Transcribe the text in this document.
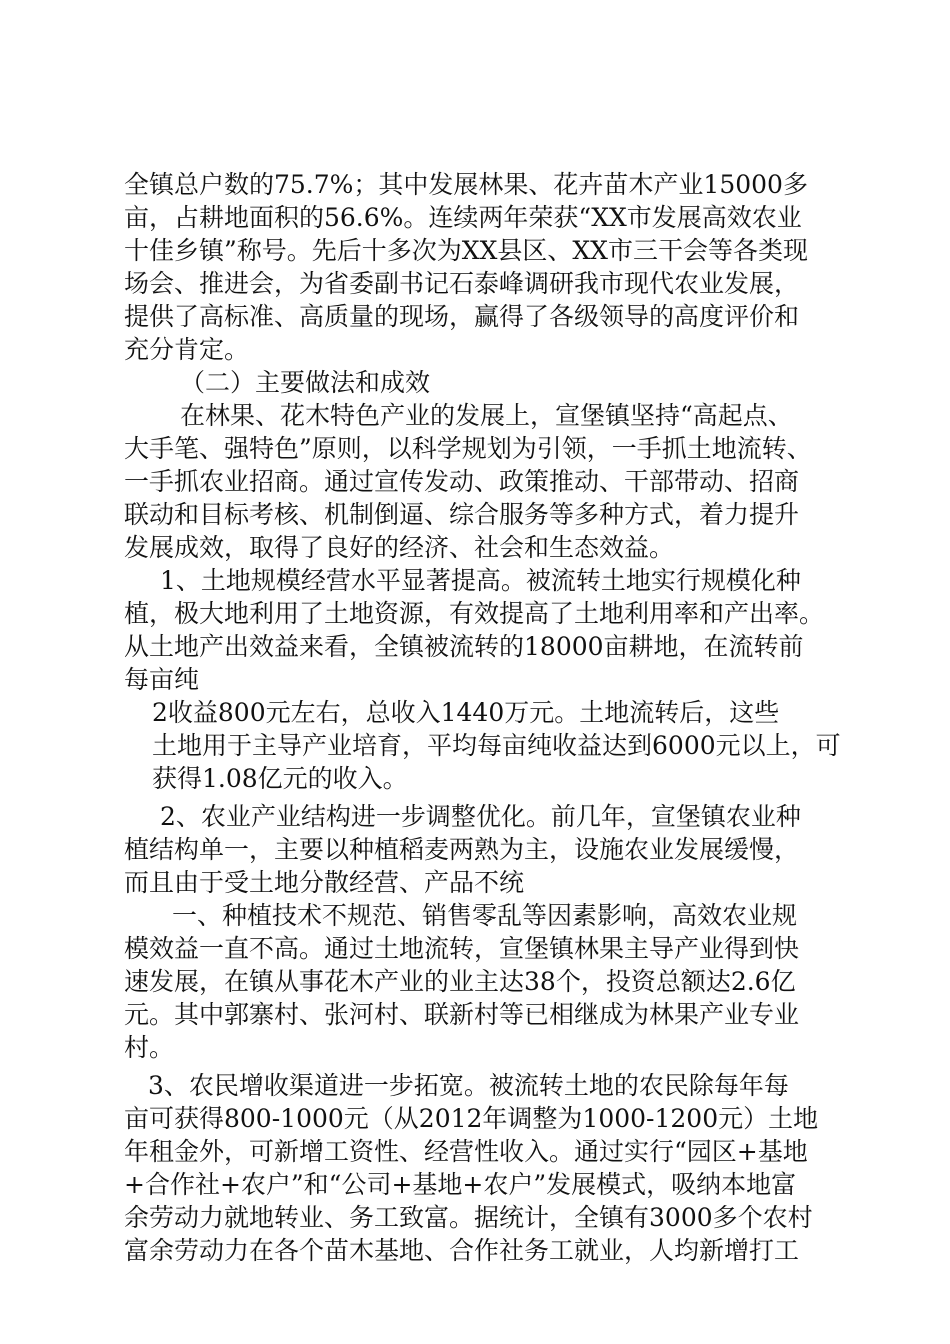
全镇总户数的75.7%；其中发展林果、花卉苗木产业15000多
亩，占耕地面积的56.6%。连续两年荣获“XX市发展高效农业
十佳乡镇”称号。先后十多次为XX县区、XX市三干会等各类现
场会、推进会，为省委副书记石泰峰调研我市现代农业发展，
提供了高标准、高质量的现场，赢得了各级领导的高度评价和
充分肯定。
（二）主要做法和成效
在林果、花木特色产业的发展上，宣堡镇坚持“高起点、
大手笔、强特色”原则，以科学规划为引领，一手抓土地流转、
一手抓农业招商。通过宣传发动、政策推动、干部带动、招商
联动和目标考核、机制倒逼、综合服务等多种方式，着力提升
发展成效，取得了良好的经济、社会和生态效益。
1、土地规模经营水平显著提高。被流转土地实行规模化种
植，极大地利用了土地资源，有效提高了土地利用率和产出率。
从土地产出效益来看，全镇被流转的18000亩耕地，在流转前
每亩纯
2收益800元左右，总收入1440万元。土地流转后，这些
土地用于主导产业培育，平均每亩纯收益达到6000元以上，可
获得1.08亿元的收入。
2、农业产业结构进一步调整优化。前几年，宣堡镇农业种
植结构单一，主要以种植稻麦两熟为主，设施农业发展缓慢，
而且由于受土地分散经营、产品不统
一、种植技术不规范、销售零乱等因素影响，高效农业规
模效益一直不高。通过土地流转，宣堡镇林果主导产业得到快
速发展，在镇从事花木产业的业主达38个，投资总额达2.6亿
元。其中郭寨村、张河村、联新村等已相继成为林果产业专业
村。
3、农民增收渠道进一步拓宽。被流转土地的农民除每年每
亩可获得800-1000元（从2012年调整为1000-1200元）土地
年租金外，可新增工资性、经营性收入。通过实行“园区+基地
+合作社+农户”和“公司+基地+农户”发展模式，吸纳本地富
余劳动力就地转业、务工致富。据统计，全镇有3000多个农村
富余劳动力在各个苗木基地、合作社务工就业，人均新增打工
